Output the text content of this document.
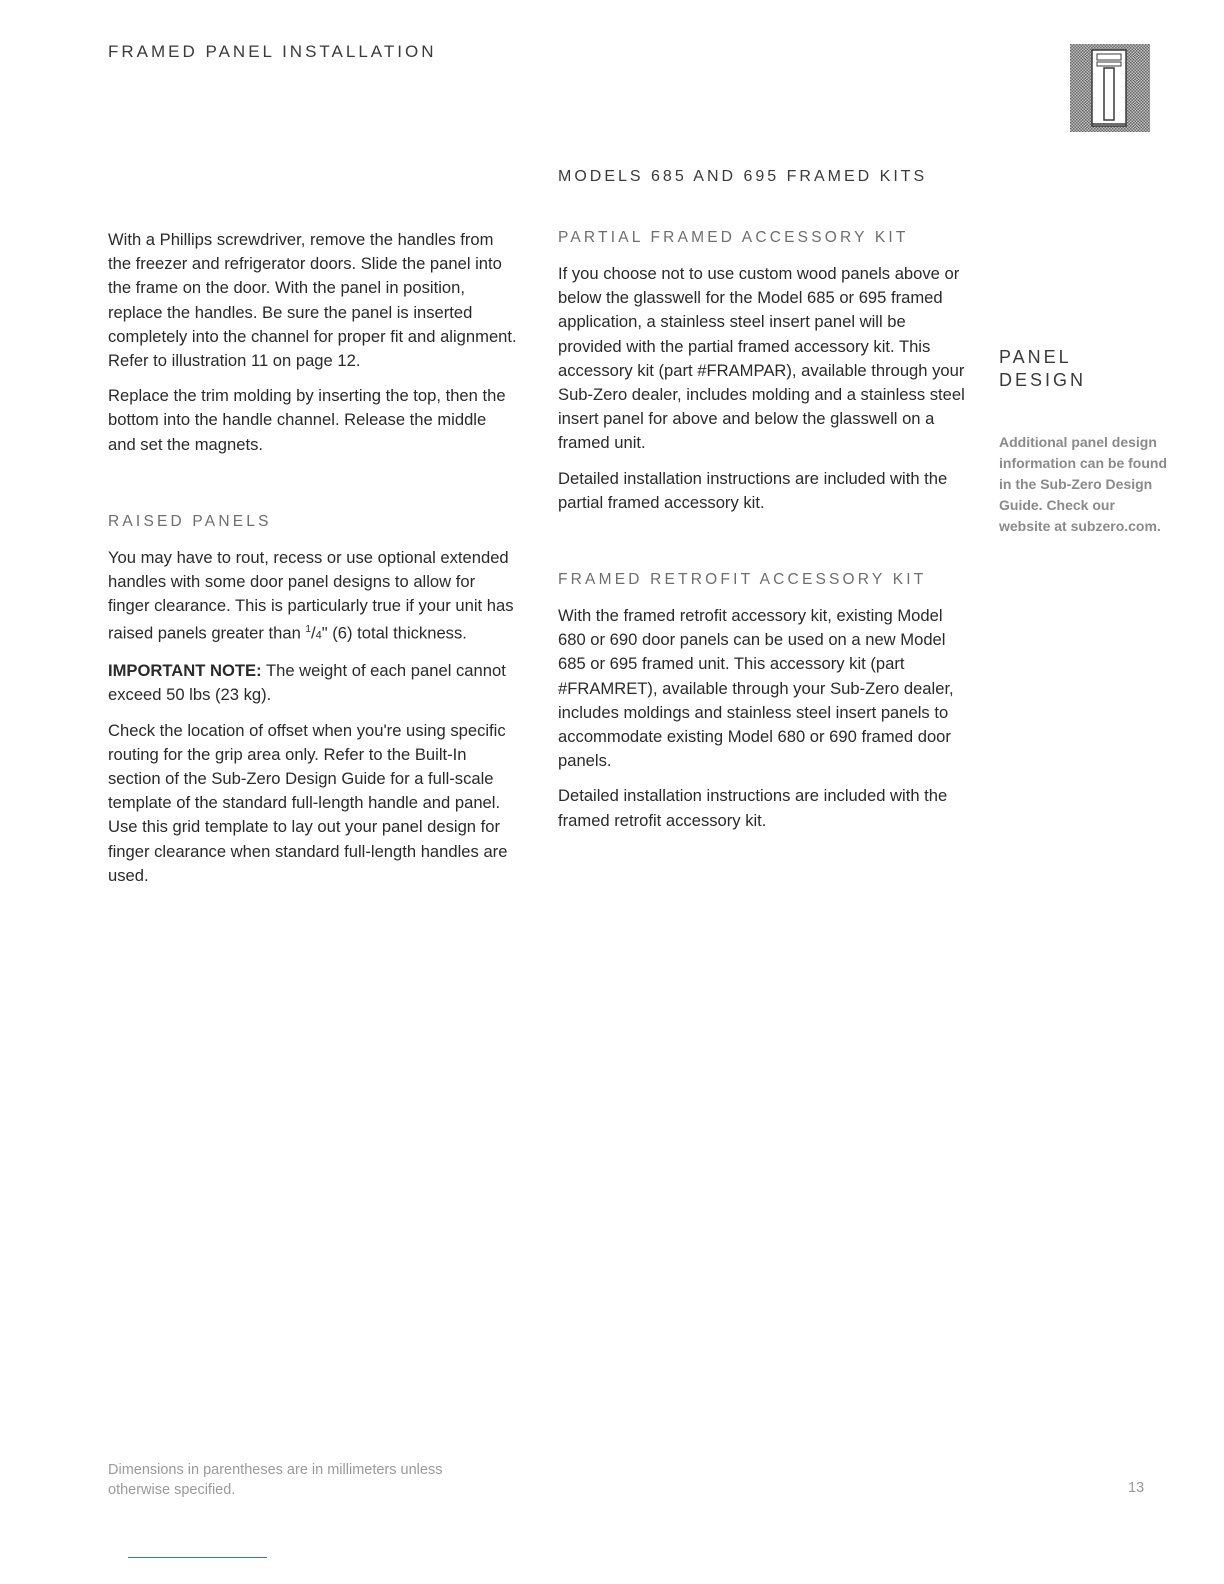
FRAMED PANEL INSTALLATION
MODELS 685 AND 695 FRAMED KITS

With a Phillips screwdriver, remove the handles from the freezer and refrigerator doors. Slide the panel into the frame on the door. With the panel in position, replace the handles. Be sure the panel is inserted completely into the channel for proper fit and alignment. Refer to illustration 11 on page 12.

Replace the trim molding by inserting the top, then the bottom into the handle channel. Release the middle and set the magnets.

RAISED PANELS

You may have to rout, recess or use optional extended handles with some door panel designs to allow for finger clearance. This is particularly true if your unit has raised panels greater than $^1$/4" (6) total thickness.

IMPORTANT NOTE: The weight of each panel cannot exceed 50 lbs (23 kg).

Check the location of offset when you're using specific routing for the grip area only. Refer to the Built-In section of the Sub-Zero Design Guide for a full-scale template of the standard full-length handle and panel. Use this grid template to lay out your panel design for finger clearance when standard full-length handles are used.

PARTIAL FRAMED ACCESSORY KIT

If you choose not to use custom wood panels above or below the glasswell for the Model 685 or 695 framed application, a stainless steel insert panel will be provided with the partial framed accessory kit. This accessory kit (part #FRAMPAR), available through your Sub-Zero dealer, includes molding and a stainless steel insert panel for above and below the glasswell on a framed unit.

Detailed installation instructions are included with the partial framed accessory kit.

FRAMED RETROFIT ACCESSORY KIT

With the framed retrofit accessory kit, existing Model 680 or 690 door panels can be used on a new Model 685 or 695 framed unit. This accessory kit (part #FRAMRET), available through your Sub-Zero dealer, includes moldings and stainless steel insert panels to accommodate existing Model 680 or 690 framed door panels.

Detailed installation instructions are included with the framed retrofit accessory kit.

PANEL
DESIGN
Additional panel design information can be found in the Sub-Zero Design Guide. Check our website at subzero.com.
Dimensions in parentheses are in millimeters unless otherwise specified.	13
